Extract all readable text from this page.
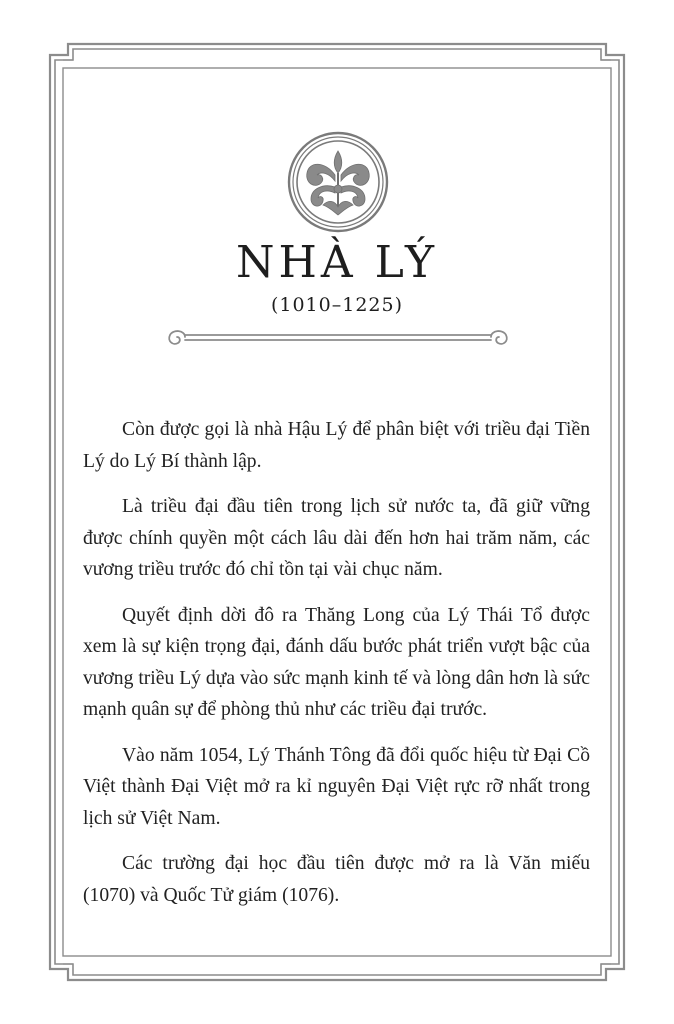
NHÀ LÝ
(1010–1225)

Còn được gọi là nhà Hậu Lý để phân biệt với triều đại Tiền Lý do Lý Bí thành lập.

Là triều đại đầu tiên trong lịch sử nước ta, đã giữ vững được chính quyền một cách lâu dài đến hơn hai trăm năm, các vương triều trước đó chỉ tồn tại vài chục năm.

Quyết định dời đô ra Thăng Long của Lý Thái Tổ được xem là sự kiện trọng đại, đánh dấu bước phát triển vượt bậc của vương triều Lý dựa vào sức mạnh kinh tế và lòng dân hơn là sức mạnh quân sự để phòng thủ như các triều đại trước.

Vào năm 1054, Lý Thánh Tông đã đổi quốc hiệu từ Đại Cồ Việt thành Đại Việt mở ra kỉ nguyên Đại Việt rực rỡ nhất trong lịch sử Việt Nam.

Các trường đại học đầu tiên được mở ra là Văn miếu (1070) và Quốc Tử giám (1076).
